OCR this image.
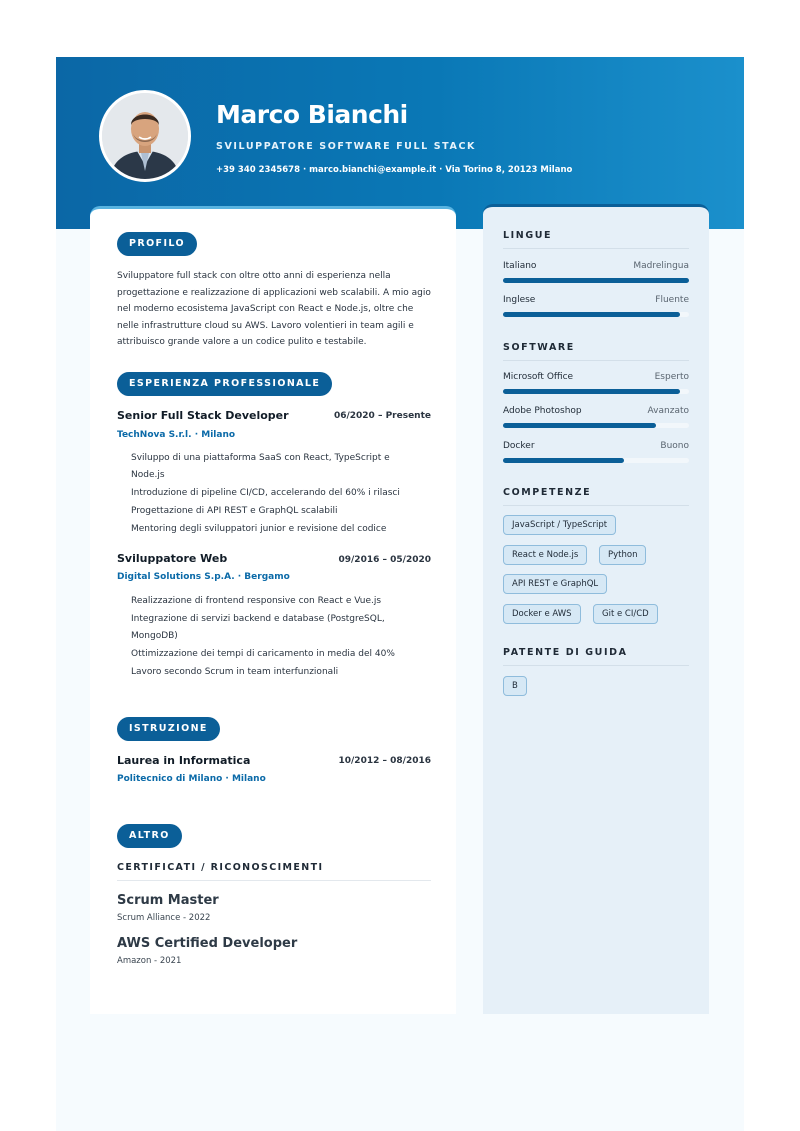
Marco Bianchi
SVILUPPATORE SOFTWARE FULL STACK
+39 340 2345678 · marco.bianchi@example.it · Via Torino 8, 20123 Milano
PROFILO

Sviluppatore full stack con oltre otto anni di esperienza nella progettazione e realizzazione di applicazioni web scalabili. A mio agio nel moderno ecosistema JavaScript con React e Node.js, oltre che nelle infrastrutture cloud su AWS. Lavoro volentieri in team agili e attribuisco grande valore a un codice pulito e testabile.

ESPERIENZA PROFESSIONALE
Senior Full Stack Developer	06/2020 – Presente
TechNova S.r.l. · Milano
Sviluppo di una piattaforma SaaS con React, TypeScript e Node.js
Introduzione di pipeline CI/CD, accelerando del 60% i rilasci
Progettazione di API REST e GraphQL scalabili
Mentoring degli sviluppatori junior e revisione del codice
Sviluppatore Web	09/2016 – 05/2020
Digital Solutions S.p.A. · Bergamo
Realizzazione di frontend responsive con React e Vue.js
Integrazione di servizi backend e database (PostgreSQL, MongoDB)
Ottimizzazione dei tempi di caricamento in media del 40%
Lavoro secondo Scrum in team interfunzionali
ISTRUZIONE
Laurea in Informatica	10/2012 – 08/2016
Politecnico di Milano · Milano
ALTRO
CERTIFICATI / RICONOSCIMENTI
Scrum Master
Scrum Alliance - 2022
AWS Certified Developer
Amazon - 2021
LINGUE
Italiano	Madrelingua
Inglese	Fluente
SOFTWARE
Microsoft Office	Esperto
Adobe Photoshop	Avanzato
Docker	Buono
COMPETENZE
JavaScript / TypeScript
React e Node.js	Python
API REST e GraphQL
Docker e AWS	Git e CI/CD
PATENTE DI GUIDA
B
